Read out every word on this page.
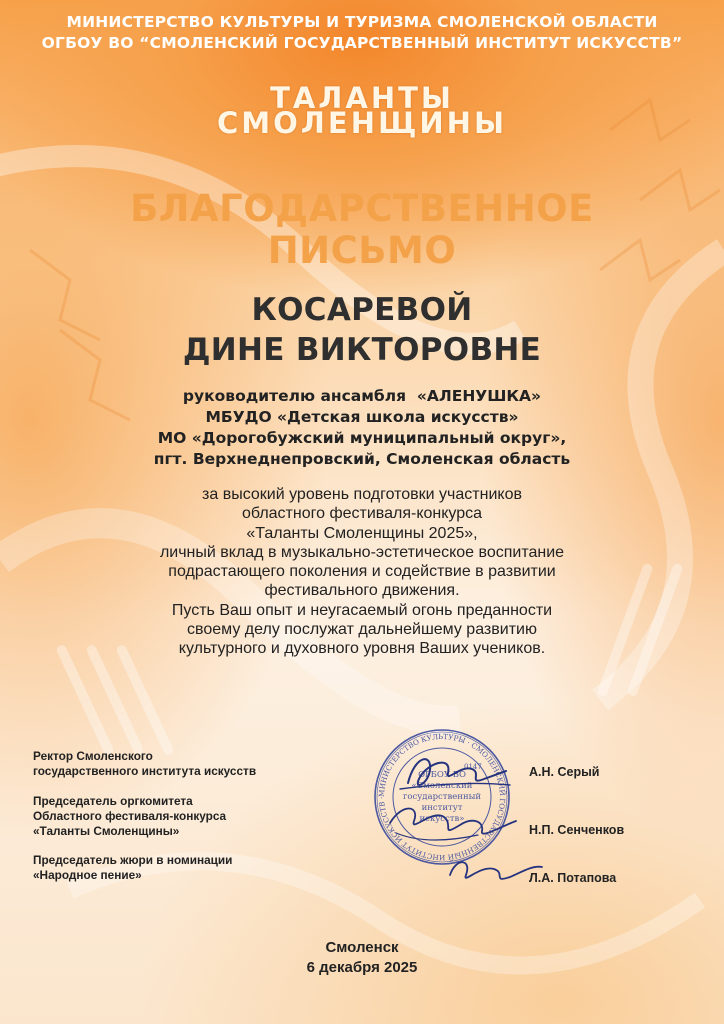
МИНИСТЕРСТВО КУЛЬТУРЫ И ТУРИЗМА СМОЛЕНСКОЙ ОБЛАСТИ
ОГБОУ ВО “СМОЛЕНСКИЙ ГОСУДАРСТВЕННЫЙ ИНСТИТУТ ИСКУССТВ”
ТАЛАНТЫ
СМОЛЕНЩИНЫ
БЛАГОДАРСТВЕННОЕ
ПИСЬМО
КОСАРЕВОЙ
ДИНЕ ВИКТОРОВНЕ
руководителю ансамбля  «АЛЕНУШКА»
МБУДО «Детская школа искусств»
МО «Дорогобужский муниципальный округ»,
пгт. Верхнеднепровский, Смоленская область
за высокий уровень подготовки участников
областного фестиваля-конкурса
«Таланты Смоленщины 2025»,
личный вклад в музыкально-эстетическое воспитание
подрастающего поколения и содействие в развитии
фестивального движения.
Пусть Ваш опыт и неугасаемый огонь преданности
своему делу послужат дальнейшему развитию
культурного и духовного уровня Ваших учеников.
Ректор Смоленского
государственного института искусств	А.Н. Серый
Председатель оргкомитета
Областного фестиваля-конкурса
«Таланты Смоленщины»	Н.П. Сенченков
Председатель жюри в номинации
«Народное пение»	Л.А. Потапова
МИНИСТЕРСТВО КУЛЬТУРЫ · СМОЛЕНСКИЙ ГОСУДАРСТВЕННЫЙ ИНСТИТУТ ИСКУССТВ ·
ОГБОУ ВО
«Смоленский
государственный
институт
искусств»
0147
Смоленск
6 декабря 2025
